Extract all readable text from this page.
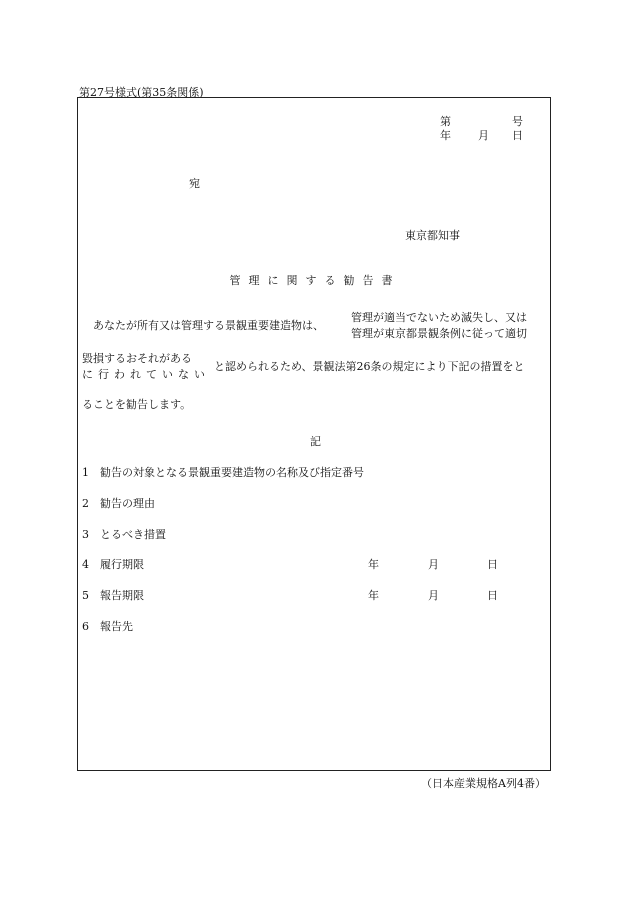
第27号様式(第35条関係)
第	号
年 月 日
宛
東京都知事
管理に関する勧告書
あなたが所有又は管理する景観重要建造物は、
管理が適当でないため滅失し、又は
管理が東京都景観条例に従って適切
毀損するおそれがある
に行われていない
と認められるため、景観法第26条の規定により下記の措置をと
ることを勧告します。
記
1　勧告の対象となる景観重要建造物の名称及び指定番号
2　勧告の理由
3　とるべき措置
4　履行期限	年	月	日
5　報告期限	年	月	日
6　報告先
（日本産業規格A列4番）
